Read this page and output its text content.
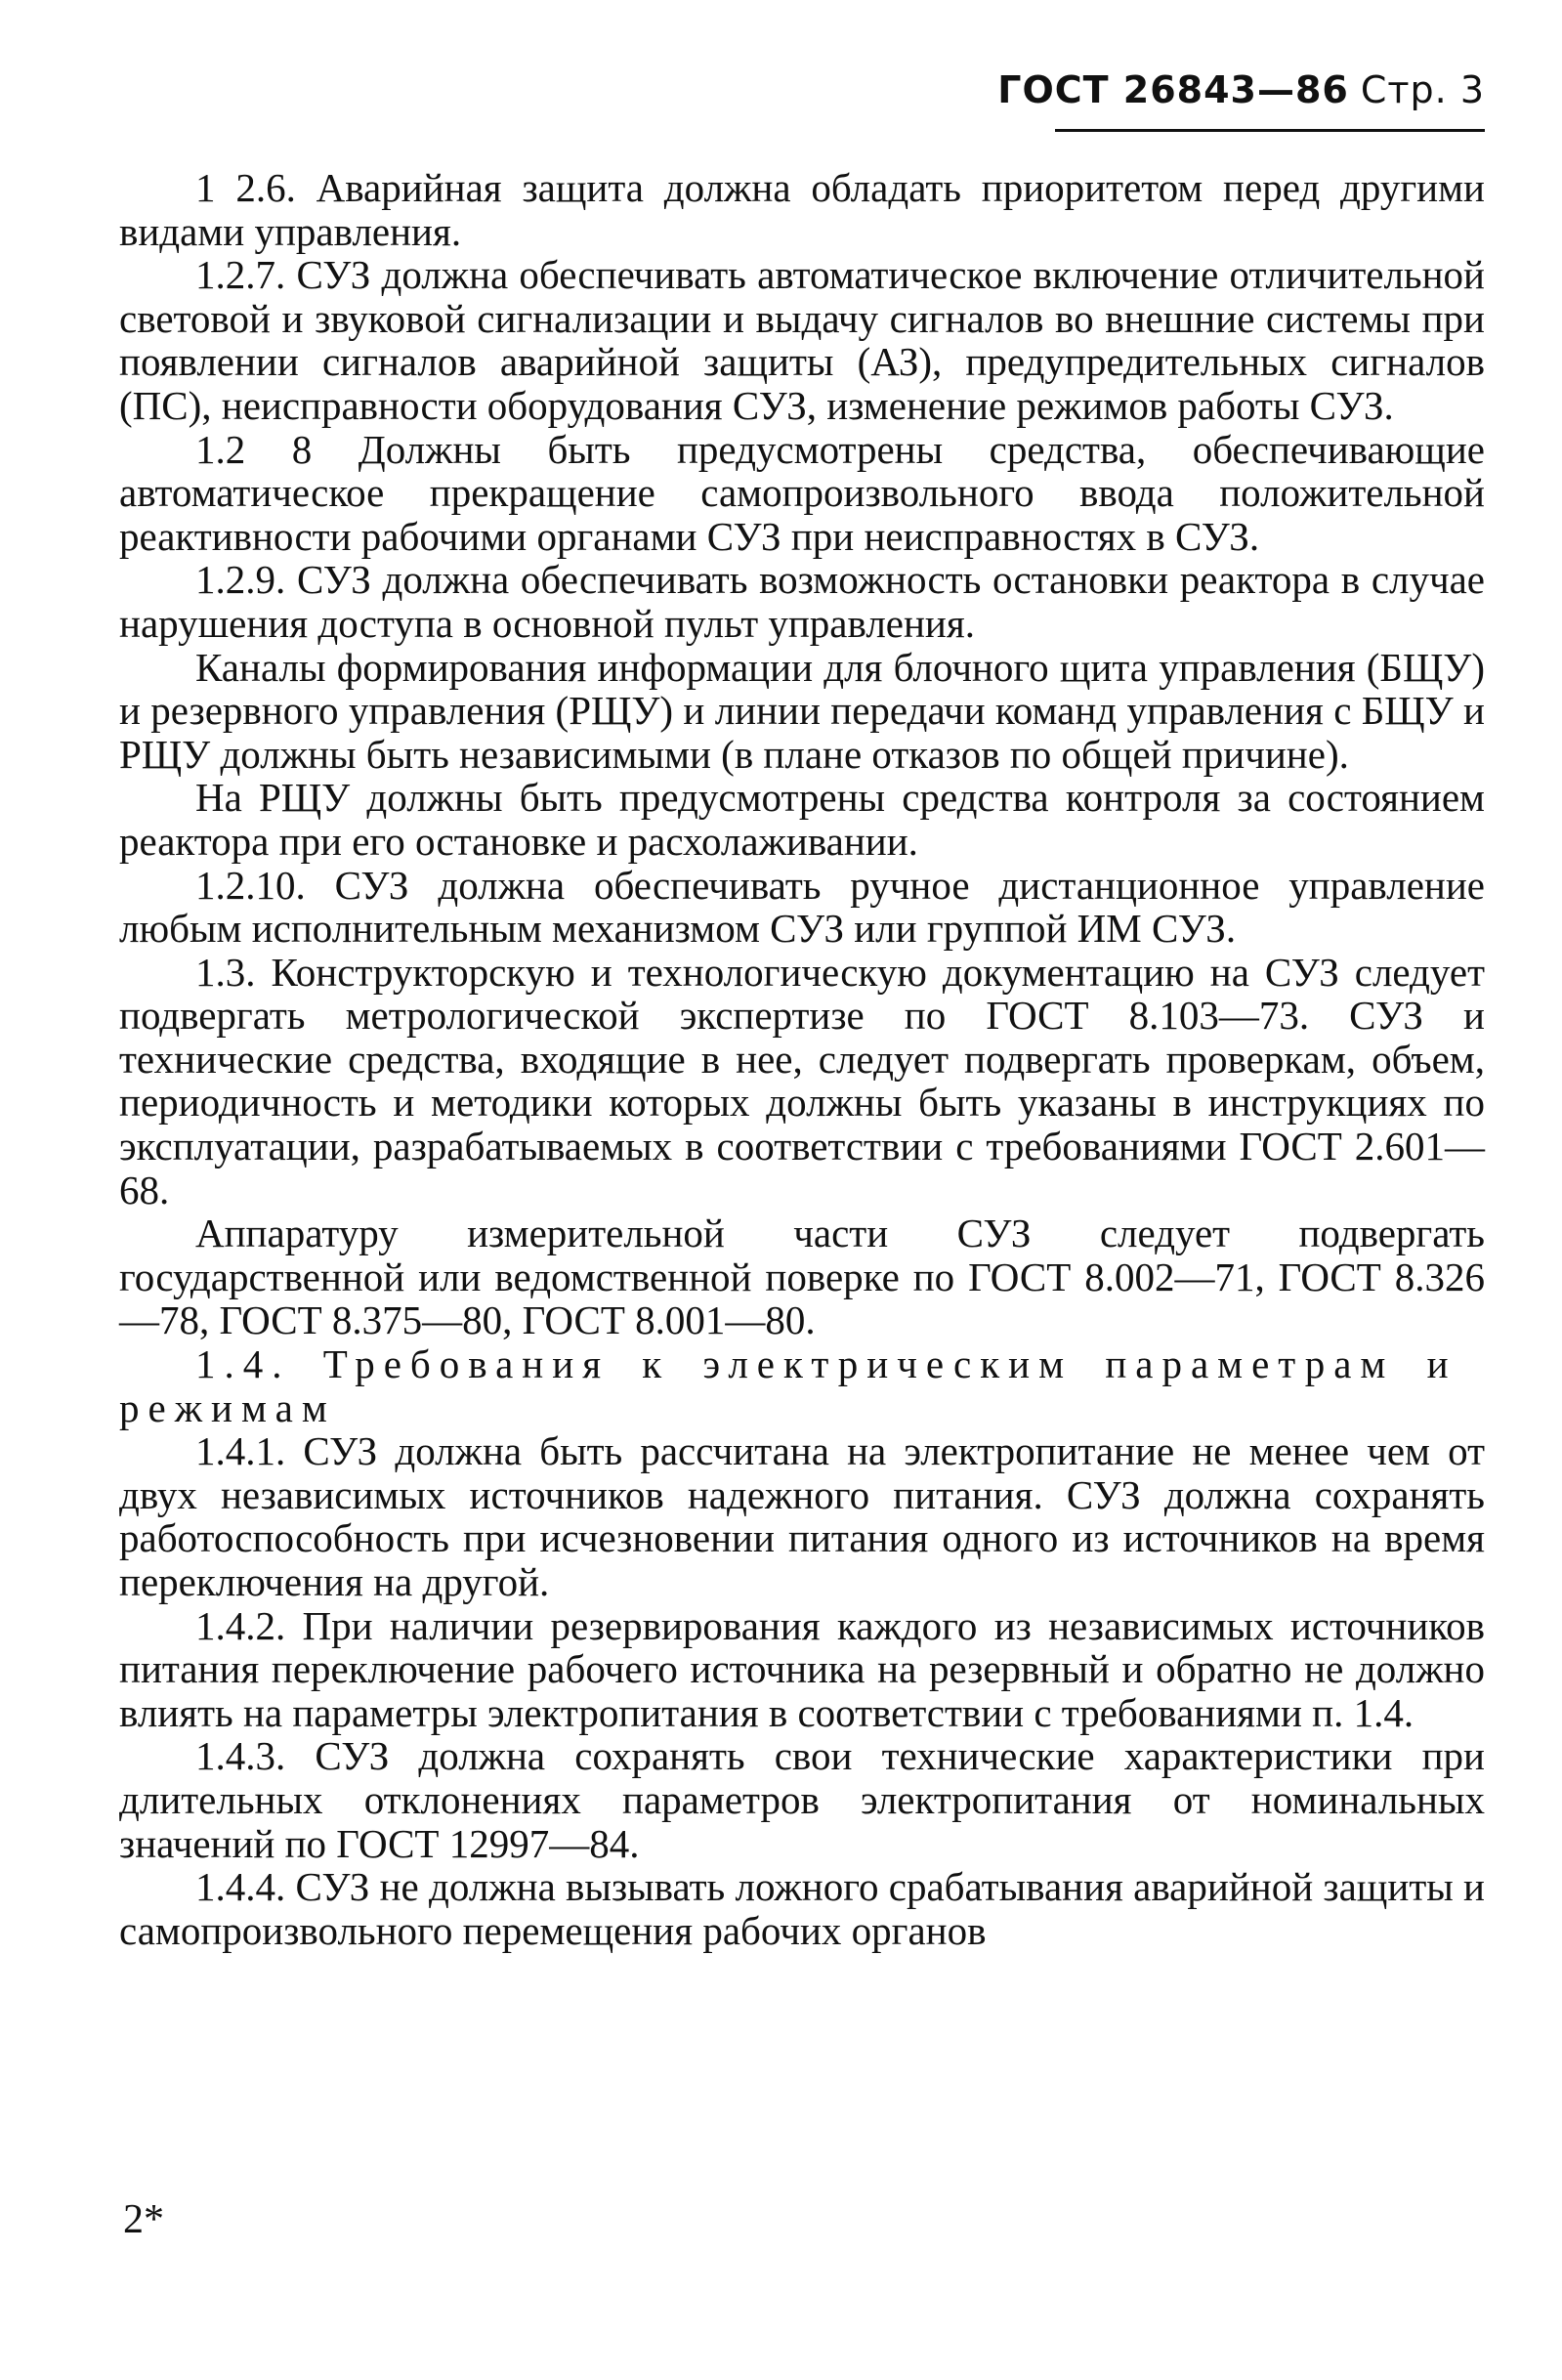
ГОСТ 26843—86 Стр. 3

1 2.6. Аварийная защита должна обладать приоритетом перед другими видами управления.

1.2.7. СУЗ должна обеспечивать автоматическое включение отличительной световой и звуковой сигнализации и выдачу сигналов во внешние системы при появлении сигналов аварийной защиты (АЗ), предупредительных сигналов (ПС), неисправности оборудования СУЗ, изменение режимов работы СУЗ.

1.2 8 Должны быть предусмотрены средства, обеспечивающие автоматическое прекращение самопроизвольного ввода положительной реактивности рабочими органами СУЗ при неисправностях в СУЗ.

1.2.9. СУЗ должна обеспечивать возможность остановки реактора в случае нарушения доступа в основной пульт управления.

Каналы формирования информации для блочного щита управления (БЩУ) и резервного управления (РЩУ) и линии передачи команд управления с БЩУ и РЩУ должны быть независимыми (в плане отказов по общей причине).

На РЩУ должны быть предусмотрены средства контроля за состоянием реактора при его остановке и расхолаживании.

1.2.10. СУЗ должна обеспечивать ручное дистанционное управление любым исполнительным механизмом СУЗ или группой ИМ СУЗ.

1.3. Конструкторскую и технологическую документацию на СУЗ следует подвергать метрологической экспертизе по ГОСТ 8.103—73. СУЗ и технические средства, входящие в нее, следует подвергать проверкам, объем, периодичность и методики которых должны быть указаны в инструкциях по эксплуатации, разрабатываемых в соответствии с требованиями ГОСТ 2.601—68.

Аппаратуру измерительной части СУЗ следует подвергать государственной или ведомственной поверке по ГОСТ 8.002—71, ГОСТ 8.326—78, ГОСТ 8.375—80, ГОСТ 8.001—80.

1.4. Требования к электрическим параметрам и режимам

1.4.1. СУЗ должна быть рассчитана на электропитание не менее чем от двух независимых источников надежного питания. СУЗ должна сохранять работоспособность при исчезновении питания одного из источников на время переключения на другой.

1.4.2. При наличии резервирования каждого из независимых источников питания переключение рабочего источника на резервный и обратно не должно влиять на параметры электропитания в соответствии с требованиями п. 1.4.

1.4.3. СУЗ должна сохранять свои технические характеристики при длительных отклонениях параметров электропитания от номинальных значений по ГОСТ 12997—84.

1.4.4. СУЗ не должна вызывать ложного срабатывания аварийной защиты и самопроизвольного перемещения рабочих органов

2*
